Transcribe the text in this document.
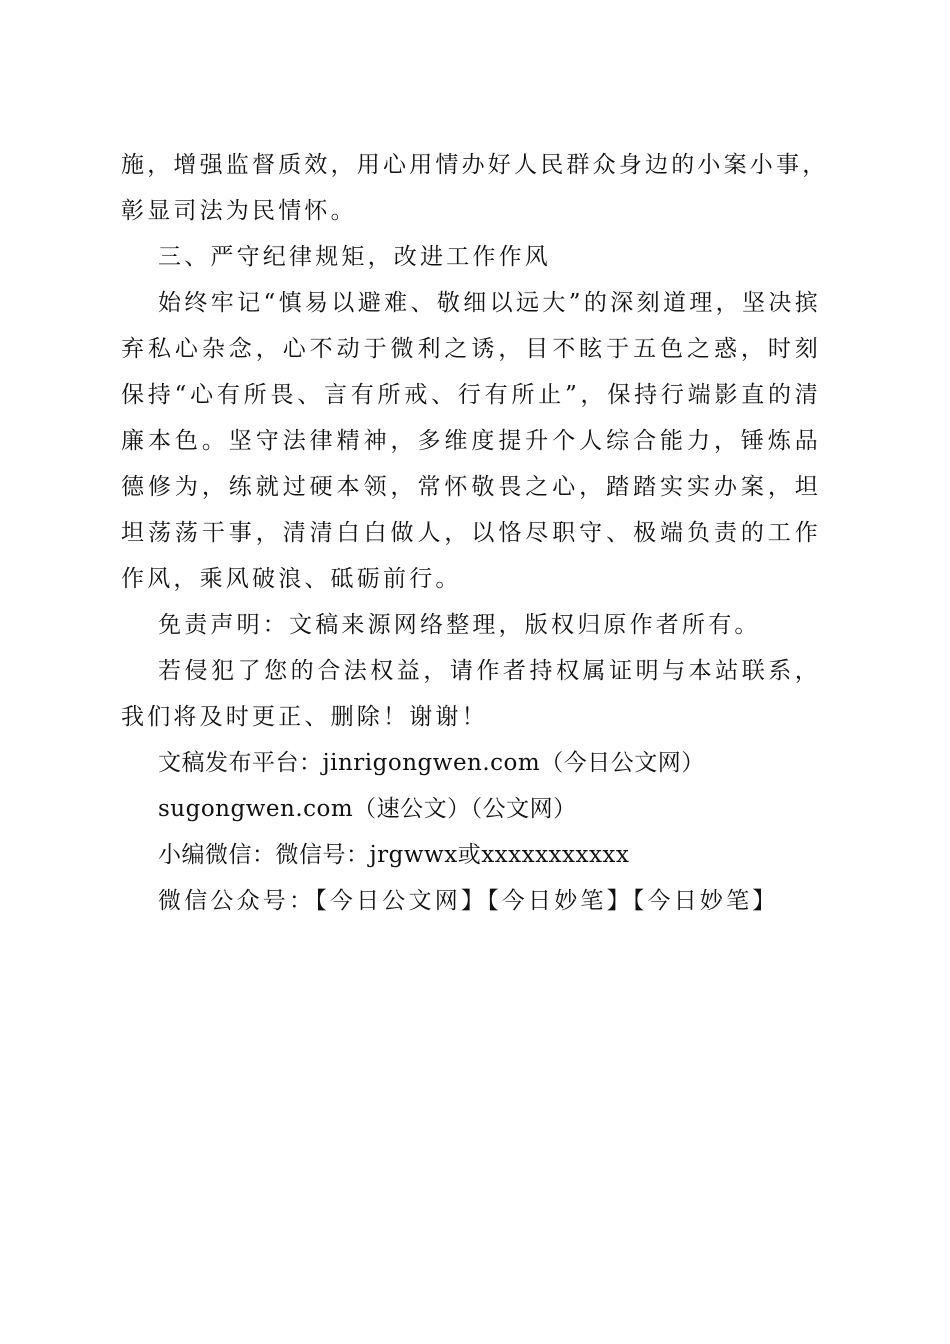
施，增强监督质效，用心用情办好人民群众身边的小案小事，
彰显司法为民情怀。
三、严守纪律规矩，改进工作作风

始终牢记“慎易以避难、敬细以远大”的深刻道理，坚决摈弃私心杂念，心不动于微利之诱，目不眩于五色之惑，时刻保持“心有所畏、言有所戒、行有所止”，保持行端影直的清廉本色。坚守法律精神，多维度提升个人综合能力，锤炼品德修为，练就过硬本领，常怀敬畏之心，踏踏实实办案，坦坦荡荡干事，清清白白做人，以恪尽职守、极端负责的工作作风，乘风破浪、砥砺前行。

免责声明：文稿来源网络整理，版权归原作者所有。

若侵犯了您的合法权益，请作者持权属证明与本站联系，我们将及时更正、删除！谢谢！

文稿发布平台：jinrigongwen.com（今日公文网）
sugongwen.com（速公文）（公文网）
小编微信：微信号：jrgwwx或xxxxxxxxxxx
微信公众号：【今日公文网】【今日妙笔】【今日妙笔】
